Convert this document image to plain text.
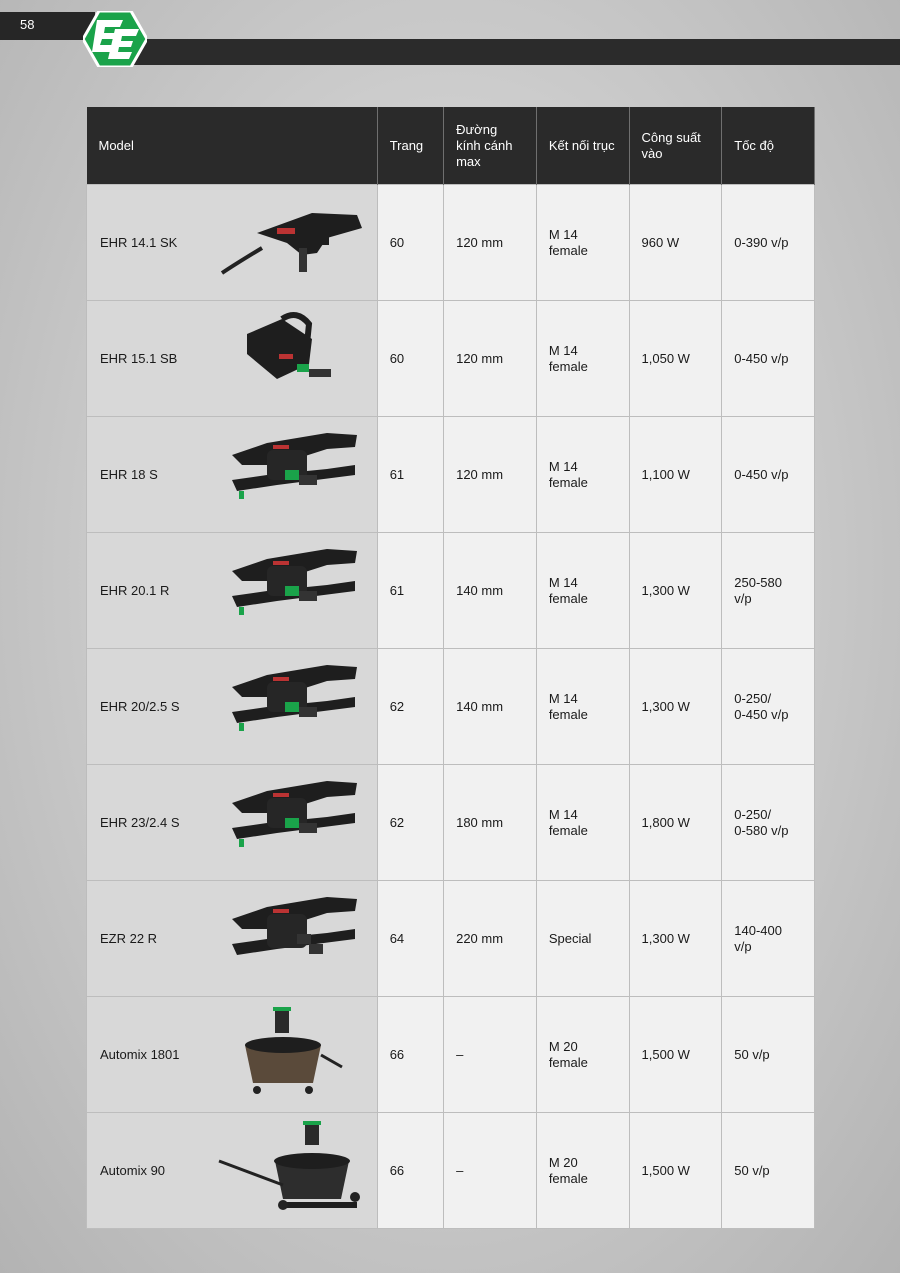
58
Model	Trang	Đường kính cánh max	Kết nối trục	Công suất vào	Tốc độ
EHR 14.1 SK	60	120 mm	M 14 female	960 W	0-390 v/p
EHR 15.1 SB	60	120 mm	M 14 female	1,050 W	0-450 v/p
EHR 18 S	61	120 mm	M 14 female	1,100 W	0-450 v/p
EHR 20.1 R	61	140 mm	M 14 female	1,300 W	250-580 v/p
EHR 20/2.5 S	62	140 mm	M 14 female	1,300 W	0-250/
0-450 v/p
EHR 23/2.4 S	62	180 mm	M 14 female	1,800 W	0-250/
0-580 v/p
EZR 22 R	64	220 mm	Special	1,300 W	140-400 v/p
Automix 1801	66	–	M 20 female	1,500 W	50 v/p
Automix 90	66	–	M 20 female	1,500 W	50 v/p
